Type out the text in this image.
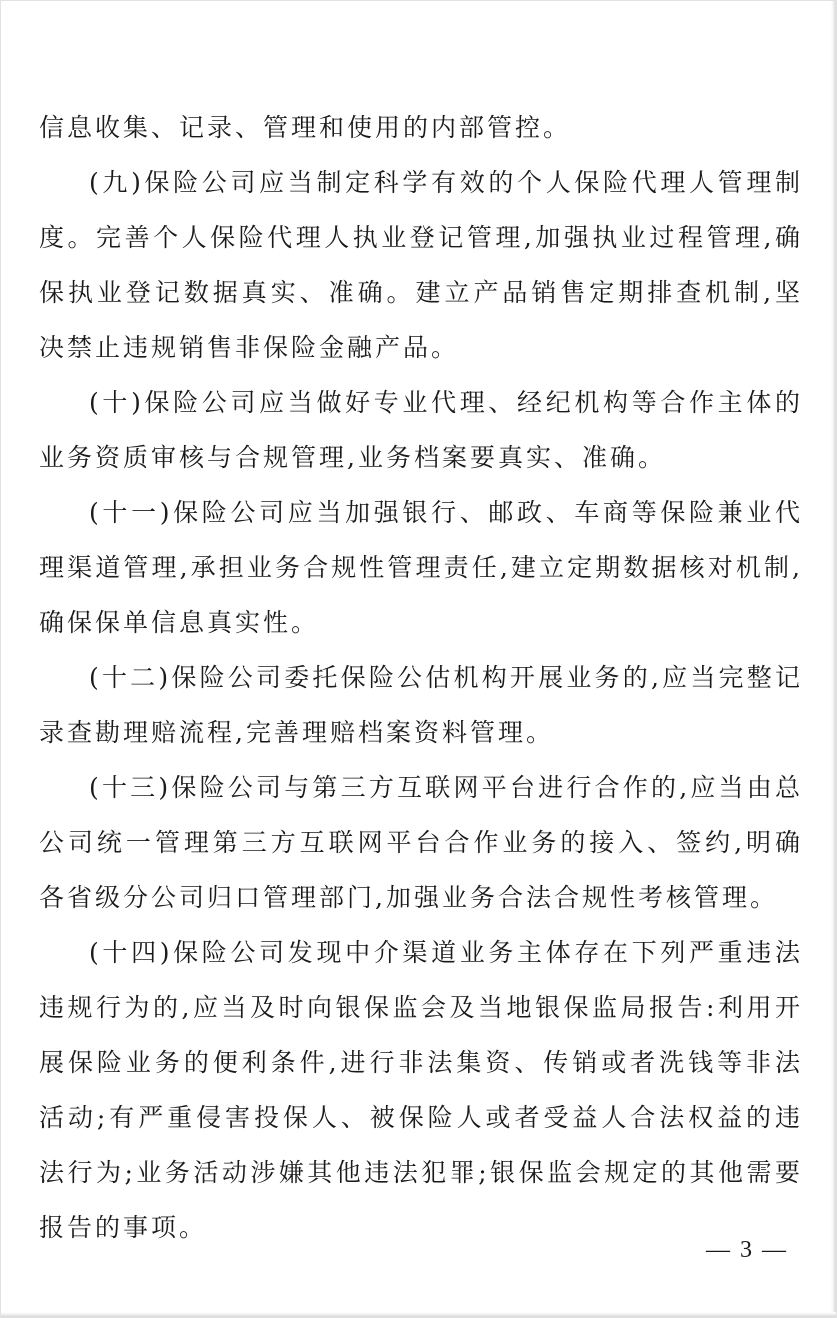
信息收集、记录、管理和使用的内部管控。

(九)保险公司应当制定科学有效的个人保险代理人管理制度。完善个人保险代理人执业登记管理,加强执业过程管理,确保执业登记数据真实、准确。建立产品销售定期排查机制,坚决禁止违规销售非保险金融产品。

(十)保险公司应当做好专业代理、经纪机构等合作主体的业务资质审核与合规管理,业务档案要真实、准确。

(十一)保险公司应当加强银行、邮政、车商等保险兼业代理渠道管理,承担业务合规性管理责任,建立定期数据核对机制,确保保单信息真实性。

(十二)保险公司委托保险公估机构开展业务的,应当完整记录查勘理赔流程,完善理赔档案资料管理。

(十三)保险公司与第三方互联网平台进行合作的,应当由总公司统一管理第三方互联网平台合作业务的接入、签约,明确各省级分公司归口管理部门,加强业务合法合规性考核管理。

(十四)保险公司发现中介渠道业务主体存在下列严重违法违规行为的,应当及时向银保监会及当地银保监局报告:利用开展保险业务的便利条件,进行非法集资、传销或者洗钱等非法活动;有严重侵害投保人、被保险人或者受益人合法权益的违法行为;业务活动涉嫌其他违法犯罪;银保监会规定的其他需要报告的事项。

— 3 —
